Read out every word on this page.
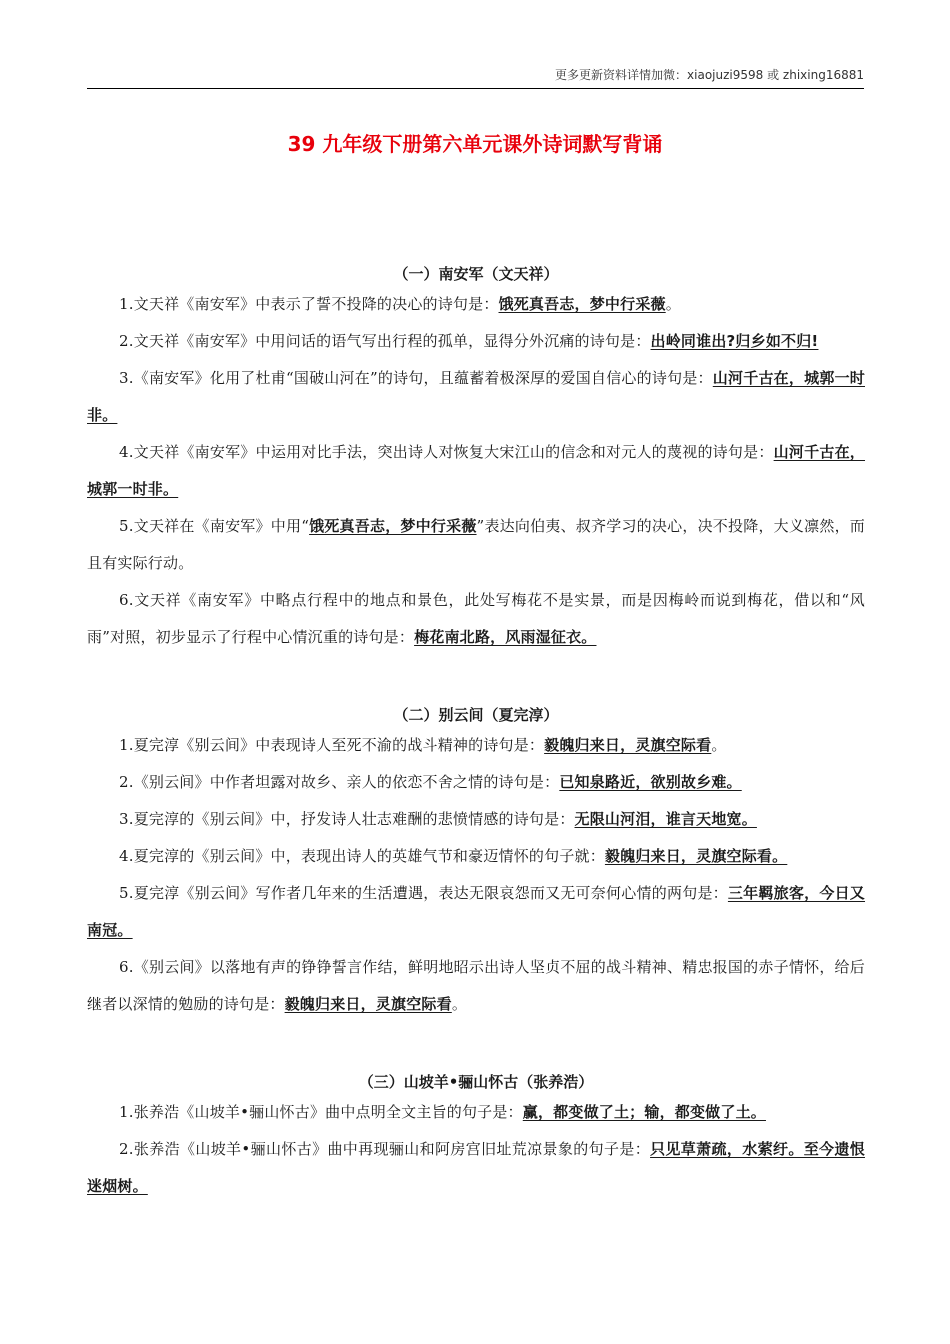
更多更新资料详情加微：xiaojuzi9598 或 zhixing16881
39 九年级下册第六单元课外诗词默写背诵
（一）南安军（文天祥）
1.文天祥《南安军》中表示了誓不投降的决心的诗句是：饿死真吾志，梦中行采薇。
2.文天祥《南安军》中用问话的语气写出行程的孤单，显得分外沉痛的诗句是：出岭同谁出?归乡如不归!
3.《南安军》化用了杜甫“国破山河在”的诗句，且蕴蓄着极深厚的爱国自信心的诗句是：山河千古在，城郭一时非。
4.文天祥《南安军》中运用对比手法，突出诗人对恢复大宋江山的信念和对元人的蔑视的诗句是：山河千古在，城郭一时非。
5.文天祥在《南安军》中用“饿死真吾志，梦中行采薇”表达向伯夷、叔齐学习的决心，决不投降，大义凛然，而且有实际行动。
6.文天祥《南安军》中略点行程中的地点和景色，此处写梅花不是实景，而是因梅岭而说到梅花，借以和“风雨”对照，初步显示了行程中心情沉重的诗句是：梅花南北路，风雨湿征衣。
（二）别云间（夏完淳）
1.夏完淳《别云间》中表现诗人至死不渝的战斗精神的诗句是：毅魄归来日，灵旗空际看。
2.《别云间》中作者坦露对故乡、亲人的依恋不舍之情的诗句是：已知泉路近，欲别故乡难。
3.夏完淳的《别云间》中，抒发诗人壮志难酬的悲愤情感的诗句是：无限山河泪，谁言天地宽。
4.夏完淳的《别云间》中，表现出诗人的英雄气节和豪迈情怀的句子就：毅魄归来日，灵旗空际看。
5.夏完淳《别云间》写作者几年来的生活遭遇，表达无限哀怨而又无可奈何心情的两句是：三年羁旅客，今日又南冠。
6.《别云间》以落地有声的铮铮誓言作结，鲜明地昭示出诗人坚贞不屈的战斗精神、精忠报国的赤子情怀，给后继者以深情的勉励的诗句是：毅魄归来日，灵旗空际看。
（三）山坡羊•骊山怀古（张养浩）
1.张养浩《山坡羊•骊山怀古》曲中点明全文主旨的句子是：赢，都变做了土；输，都变做了土。
2.张养浩《山坡羊•骊山怀古》曲中再现骊山和阿房宫旧址荒凉景象的句子是：只见草萧疏，水萦纡。至今遗恨迷烟树。
